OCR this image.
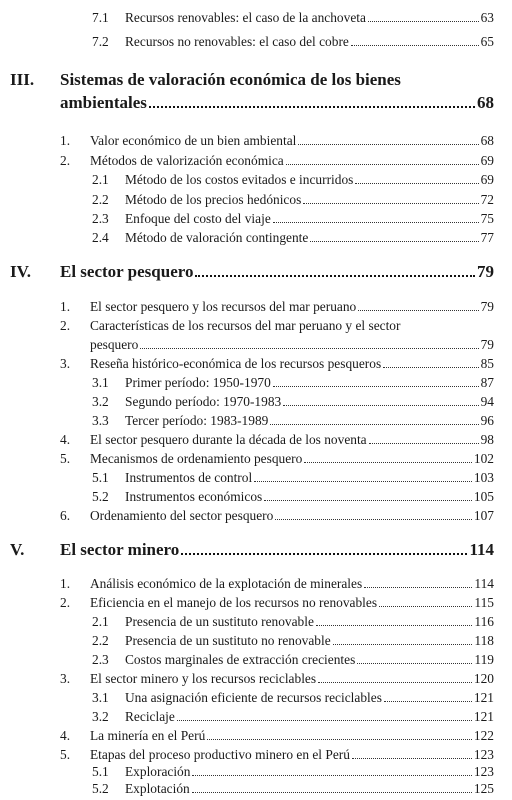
7.1	Recursos renovables: el caso de la anchoveta	63
7.2	Recursos no renovables: el caso del cobre	65
III. Sistemas de valoración económica de los bienes
ambientales	68
1.	Valor económico de un bien ambiental	68
2.	Métodos de valorización económica	69
2.1	Método de los costos evitados e incurridos	69
2.2	Método de los precios hedónicos	72
2.3	Enfoque del costo del viaje	75
2.4	Método de valoración contingente	77
IV.	El sector pesquero	79
1.	El sector pesquero y los recursos del mar peruano	79
2. Características de los recursos del mar peruano y el sector
pesquero	79
3.	Reseña histórico-económica de los recursos pesqueros	85
3.1	Primer período: 1950-1970	87
3.2	Segundo período: 1970-1983	94
3.3	Tercer período: 1983-1989	96
4.	El sector pesquero durante la década de los noventa	98
5.	Mecanismos de ordenamiento pesquero	102
5.1	Instrumentos de control	103
5.2	Instrumentos económicos	105
6.	Ordenamiento del sector pesquero	107
V.	El sector minero	114
1.	Análisis económico de la explotación de minerales	114
2.	Eficiencia en el manejo de los recursos no renovables	115
2.1	Presencia de un sustituto renovable	116
2.2	Presencia de un sustituto no renovable	118
2.3	Costos marginales de extracción crecientes	119
3.	El sector minero y los recursos reciclables	120
3.1	Una asignación eficiente de recursos reciclables	121
3.2	Reciclaje	121
4.	La minería en el Perú	122
5.	Etapas del proceso productivo minero en el Perú	123
5.1	Exploración	123
5.2	Explotación	125
